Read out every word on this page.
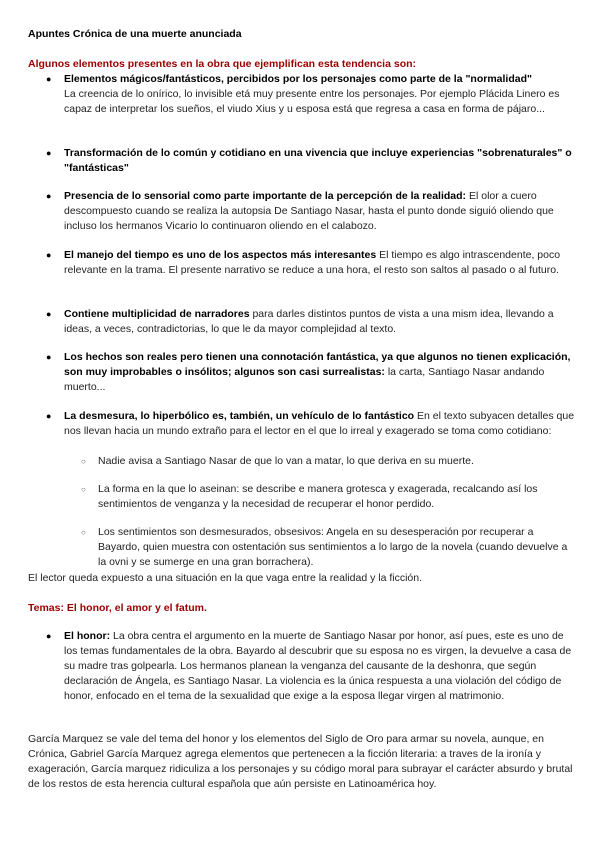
Apuntes Crónica de una muerte anunciada

Algunos elementos presentes en la obra que ejemplifican esta tendencia son:

● Elementos mágicos/fantásticos, percibidos por los personajes como parte de la "normalidad"
La creencia de lo onírico, lo invisible etá muy presente entre los personajes. Por ejemplo Plácida Linero es capaz de interpretar los sueños, el viudo Xius y u esposa está que regresa a casa en forma de pájaro...

● Transformación de lo común y cotidiano en una vivencia que incluye experiencias "sobrenaturales" o "fantásticas"

● Presencia de lo sensorial como parte importante de la percepción de la realidad: El olor a cuero descompuesto cuando se realiza la autopsia De Santiago Nasar, hasta el punto donde siguió oliendo que incluso los hermanos Vicario lo continuaron oliendo en el calabozo.

● El manejo del tiempo es uno de los aspectos más interesantes El tiempo es algo intrascendente, poco relevante en la trama. El presente narrativo se reduce a una hora, el resto son saltos al pasado o al futuro.

● Contiene multiplicidad de narradores para darles distintos puntos de vista a una mism idea, llevando a ideas, a veces, contradictorias, lo que le da mayor complejidad al texto.

● Los hechos son reales pero tienen una connotación fantástica, ya que algunos no tienen explicación, son muy improbables o insólitos; algunos son casi surrealistas: la carta, Santiago Nasar andando muerto...

● La desmesura, lo hiperbólico es, también, un vehículo de lo fantástico En el texto subyacen detalles que nos llevan hacia un mundo extraño para el lector en el que lo irreal y exagerado se toma como cotidiano:

○ Nadie avisa a Santiago Nasar de que lo van a matar, lo que deriva en su muerte.

○ La forma en la que lo aseinan: se describe e manera grotesca y exagerada, recalcando así los sentimientos de venganza y la necesidad de recuperar el honor perdido.

○ Los sentimientos son desmesurados, obsesivos: Angela en su desesperación por recuperar a Bayardo, quien muestra con ostentación sus sentimientos a lo largo de la novela (cuando devuelve a la ovni y se sumerge en una gran borrachera).

El lector queda expuesto a una situación en la que vaga entre la realidad y la ficción.

Temas: El honor, el amor y el fatum.

● El honor: La obra centra el argumento en la muerte de Santiago Nasar por honor, así pues, este es uno de los temas fundamentales de la obra. Bayardo al descubrir que su esposa no es virgen, la devuelve a casa de su madre tras golpearla. Los hermanos planean la venganza del causante de la deshonra, que según declaración de Ángela, es Santiago Nasar. La violencia es la única respuesta a una violación del código de honor, enfocado en el tema de la sexualidad que exige a la esposa llegar virgen al matrimonio.

García Marquez se vale del tema del honor y los elementos del Siglo de Oro para armar su novela, aunque, en Crónica, Gabriel García Marquez agrega elementos que pertenecen a la ficción literaria: a traves de la ironía y exageración, García marquez ridiculiza a los personajes y su código moral para subrayar el carácter absurdo y brutal de los restos de esta herencia cultural española que aún persiste en Latinoamérica hoy.
